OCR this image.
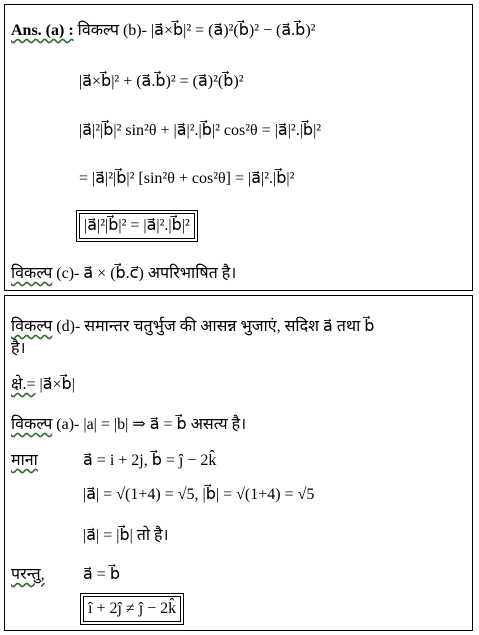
Ans. (a) : विकल्प (b)- |a⃗×b⃗|² = (a⃗)²(b⃗)² − (a⃗.b⃗)²
|a⃗×b⃗|² + (a⃗.b⃗)² = (a⃗)²(b⃗)²
|a⃗|²|b⃗|² sin²θ + |a⃗|².|b⃗|² cos²θ = |a⃗|².|b⃗|²
= |a⃗|²|b⃗|² [sin²θ + cos²θ] = |a⃗|².|b⃗|²
|a⃗|²|b⃗|² = |a⃗|².|b⃗|²
विकल्प (c)- a⃗ × (b⃗.c⃗) अपरिभाषित है।
विकल्प (d)- समान्तर चतुर्भुज की आसन्न भुजाएं, सदिश a⃗ तथा b⃗
है।
क्षे.= |a⃗×b⃗|
विकल्प (a)- |a| = |b| ⇒ a⃗ = b⃗ असत्य है।
माना	a⃗ = i + 2j, b⃗ = ĵ − 2k̂
|a⃗| = √(1+4) = √5, |b⃗| = √(1+4) = √5
|a⃗| = |b⃗| तो है।
परन्तु, a⃗ = b⃗
î + 2ĵ ≠ ĵ − 2k̂
